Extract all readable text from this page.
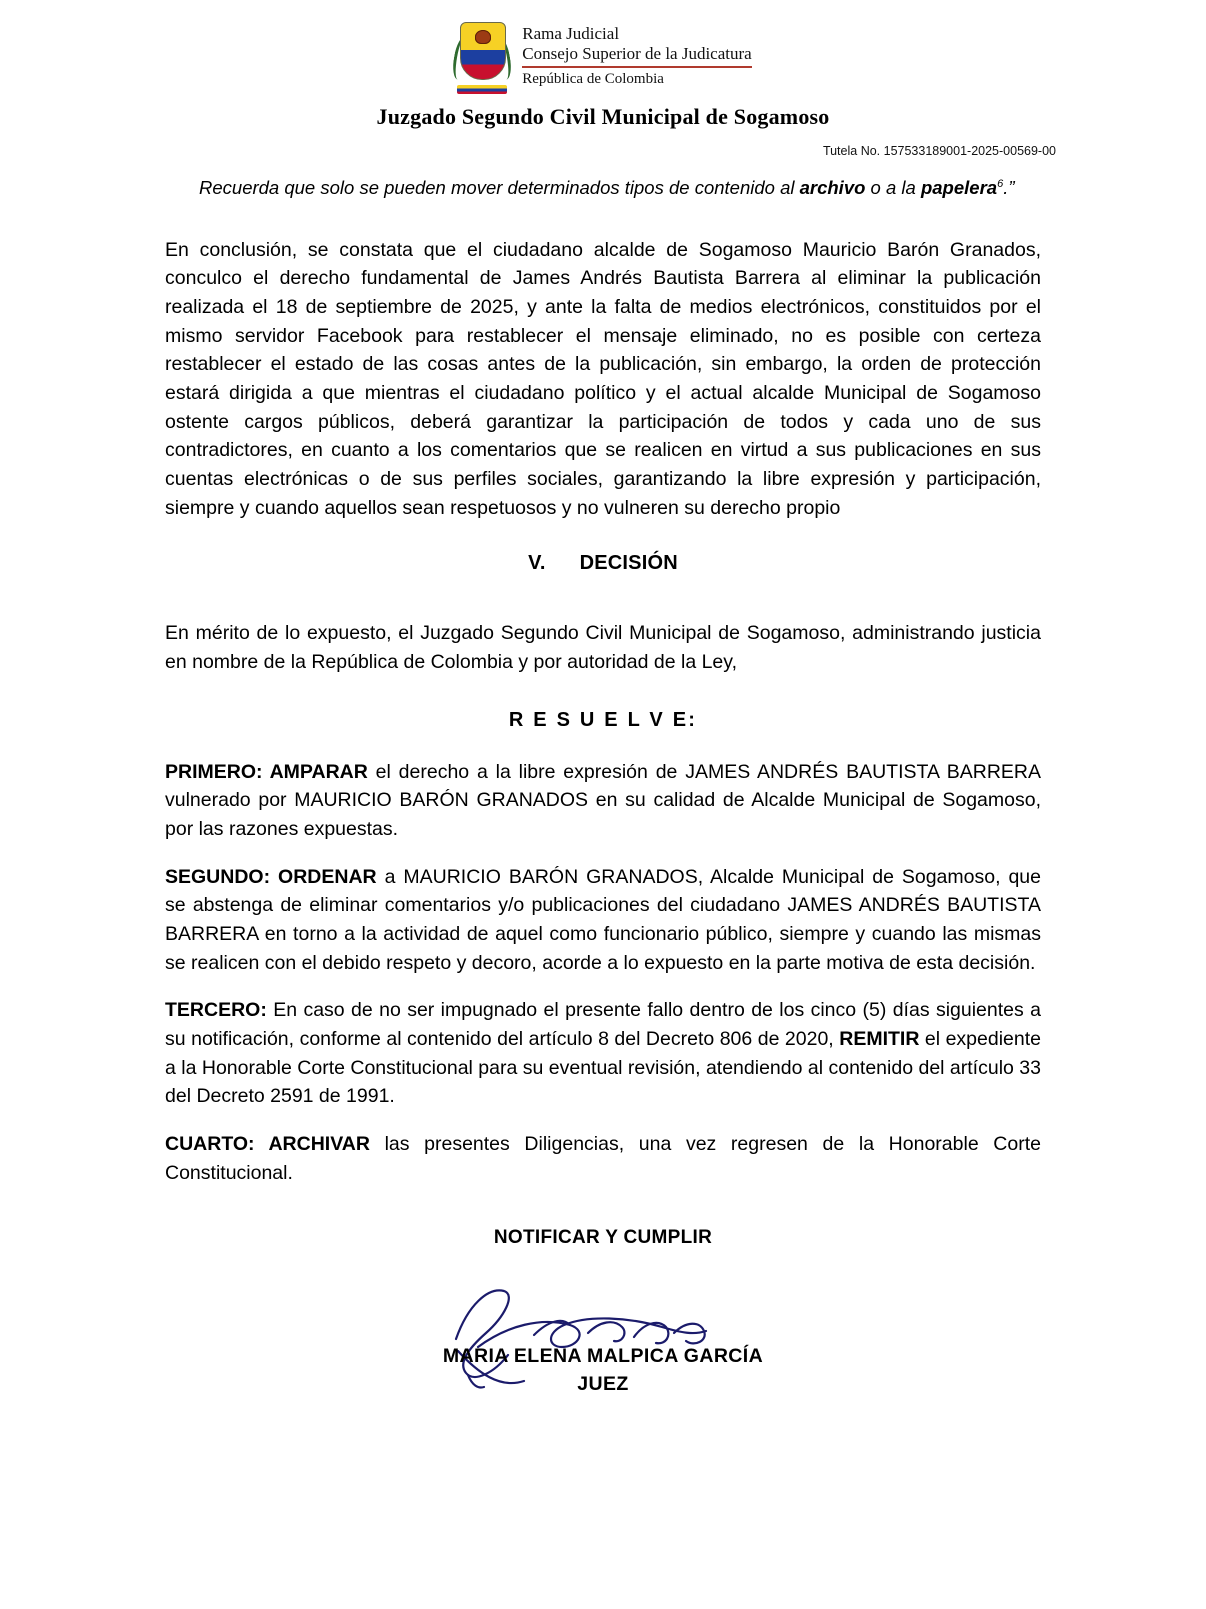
Rama Judicial
Consejo Superior de la Judicatura
República de Colombia
Juzgado Segundo Civil Municipal de Sogamoso
Tutela No. 157533189001-2025-00569-00

Recuerda que solo se pueden mover determinados tipos de contenido al archivo o a la papelera$^6$.”

En conclusión, se constata que el ciudadano alcalde de Sogamoso Mauricio Barón Granados, conculco el derecho fundamental de James Andrés Bautista Barrera al eliminar la publicación realizada el 18 de septiembre de 2025, y ante la falta de medios electrónicos, constituidos por el mismo servidor Facebook para restablecer el mensaje eliminado, no es posible con certeza restablecer el estado de las cosas antes de la publicación, sin embargo, la orden de protección estará dirigida a que mientras el ciudadano político y el actual alcalde Municipal de Sogamoso ostente cargos públicos, deberá garantizar la participación de todos y cada uno de sus contradictores, en cuanto a los comentarios que se realicen en virtud a sus publicaciones en sus cuentas electrónicas o de sus perfiles sociales, garantizando la libre expresión y participación, siempre y cuando aquellos sean respetuosos y no vulneren su derecho propio

V. DECISIÓN

En mérito de lo expuesto, el Juzgado Segundo Civil Municipal de Sogamoso, administrando justicia en nombre de la República de Colombia y por autoridad de la Ley,

R E S U E L V E:

PRIMERO: AMPARAR el derecho a la libre expresión de JAMES ANDRÉS BAUTISTA BARRERA vulnerado por MAURICIO BARÓN GRANADOS en su calidad de Alcalde Municipal de Sogamoso, por las razones expuestas.

SEGUNDO: ORDENAR a MAURICIO BARÓN GRANADOS, Alcalde Municipal de Sogamoso, que se abstenga de eliminar comentarios y/o publicaciones del ciudadano JAMES ANDRÉS BAUTISTA BARRERA en torno a la actividad de aquel como funcionario público, siempre y cuando las mismas se realicen con el debido respeto y decoro, acorde a lo expuesto en la parte motiva de esta decisión.

TERCERO: En caso de no ser impugnado el presente fallo dentro de los cinco (5) días siguientes a su notificación, conforme al contenido del artículo 8 del Decreto 806 de 2020, REMITIR el expediente a la Honorable Corte Constitucional para su eventual revisión, atendiendo al contenido del artículo 33 del Decreto 2591 de 1991.

CUARTO: ARCHIVAR las presentes Diligencias, una vez regresen de la Honorable Corte Constitucional.

NOTIFICAR Y CUMPLIR
MARIA ELENA MALPICA GARCÍA
JUEZ
